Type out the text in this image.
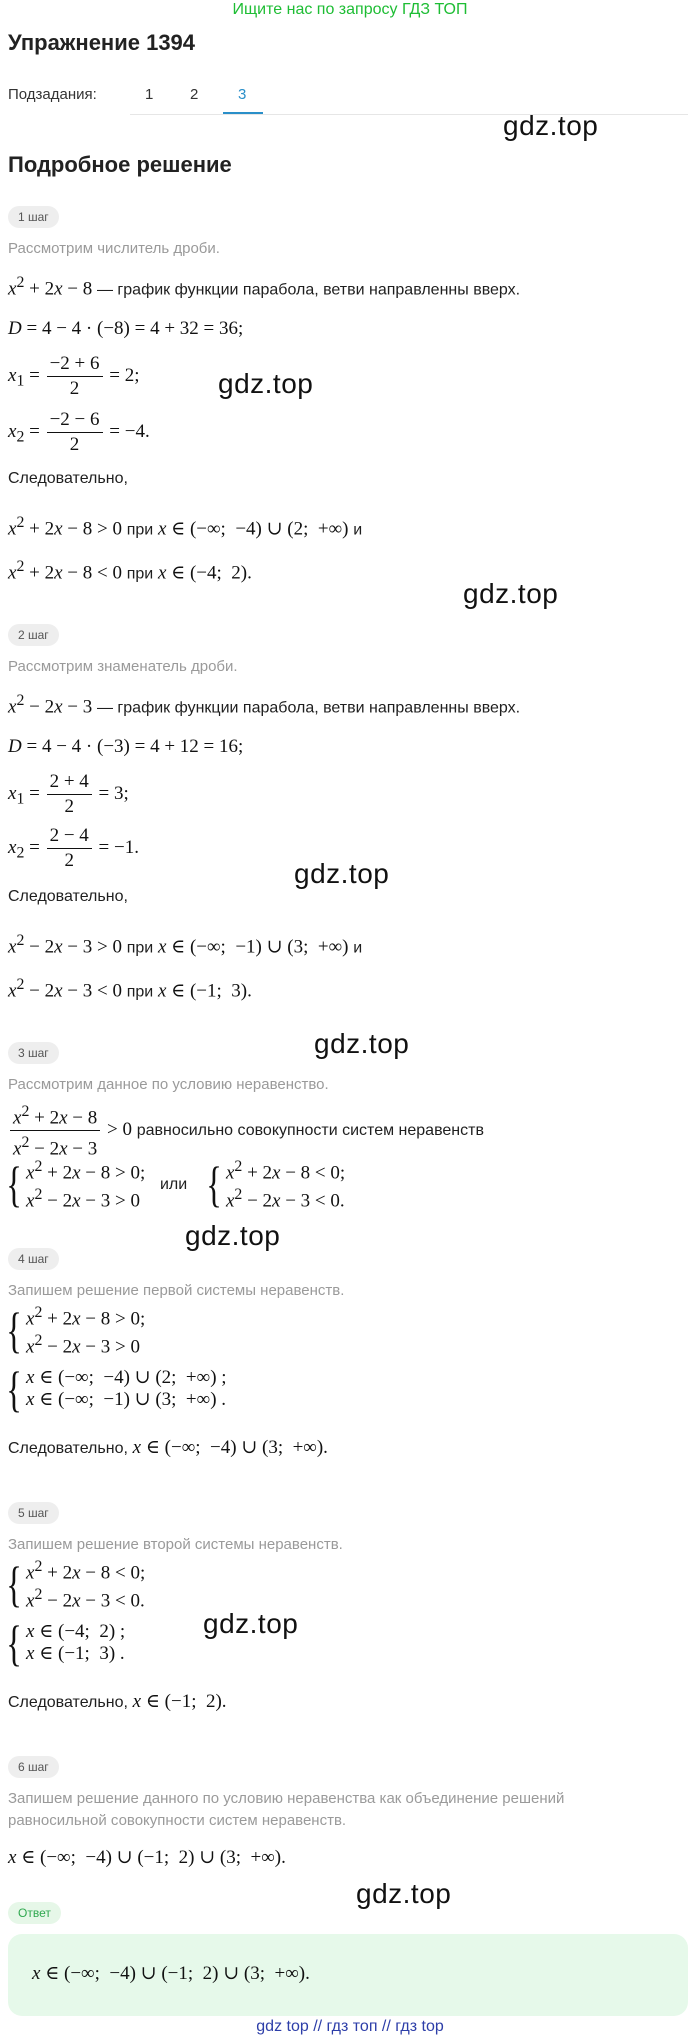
Ищите нас по запросу ГДЗ ТОП
Упражнение 1394
Подзадания:	1 2	3
gdz.top
gdz.top
gdz.top
gdz.top
gdz.top
gdz.top
gdz.top
gdz.top
Подробное решение
1 шаг
Рассмотрим числитель дроби.
$x^2 + 2x - 8$ — график функции парабола, ветви направленны вверх.
D = 4 − 4 · (−8) = 4 + 32 = 36;
$x_1 = \frac{-2 + 6}{2} = 2$;
$x_2 = \frac{-2 - 6}{2} = -4$.
Следовательно,
$x^2 + 2x - 8 > 0$ при x ∈ (−∞;  −4) ∪ (2;  +∞) и
$x^2 + 2x - 8 < 0$ при x ∈ (−4;  2).
2 шаг
Рассмотрим знаменатель дроби.
$x^2 - 2x - 3$ — график функции парабола, ветви направленны вверх.
D = 4 − 4 · (−3) = 4 + 12 = 16;
$x_1 = \frac{2 + 4}{2} = 3$;
$x_2 = \frac{2 - 4}{2} = -1$.
Следовательно,
$x^2 - 2x - 3 > 0$ при x ∈ (−∞;  −1) ∪ (3;  +∞) и
$x^2 - 2x - 3 < 0$ при x ∈ (−1;  3).
3 шаг
Рассмотрим данное по условию неравенство.
$\frac{x^2 + 2x - 8}{x^2 - 2x - 3} > 0$ равносильно совокупности систем неравенств
{ $x^2 + 2x - 8 > 0$;
$x^2 - 2x - 3 > 0$
или { $x^2 + 2x - 8 < 0$;
$x^2 - 2x - 3 < 0$.
4 шаг
Запишем решение первой системы неравенств.
{ $x^2 + 2x - 8 > 0$;
$x^2 - 2x - 3 > 0$
{ x ∈ (−∞;  −4) ∪ (2;  +∞) ;
x ∈ (−∞;  −1) ∪ (3;  +∞) .
Следовательно, x ∈ (−∞;  −4) ∪ (3;  +∞).
5 шаг
Запишем решение второй системы неравенств.
{ $x^2 + 2x - 8 < 0$;
$x^2 - 2x - 3 < 0$.
{ x ∈ (−4;  2) ;
x ∈ (−1;  3) .
Следовательно, x ∈ (−1;  2).
6 шаг
Запишем решение данного по условию неравенства как объединение решений
равносильной совокупности систем неравенств.
x ∈ (−∞;  −4) ∪ (−1;  2) ∪ (3;  +∞).
Ответ
x ∈ (−∞;  −4) ∪ (−1;  2) ∪ (3;  +∞).
gdz top // гдз топ // гдз top
